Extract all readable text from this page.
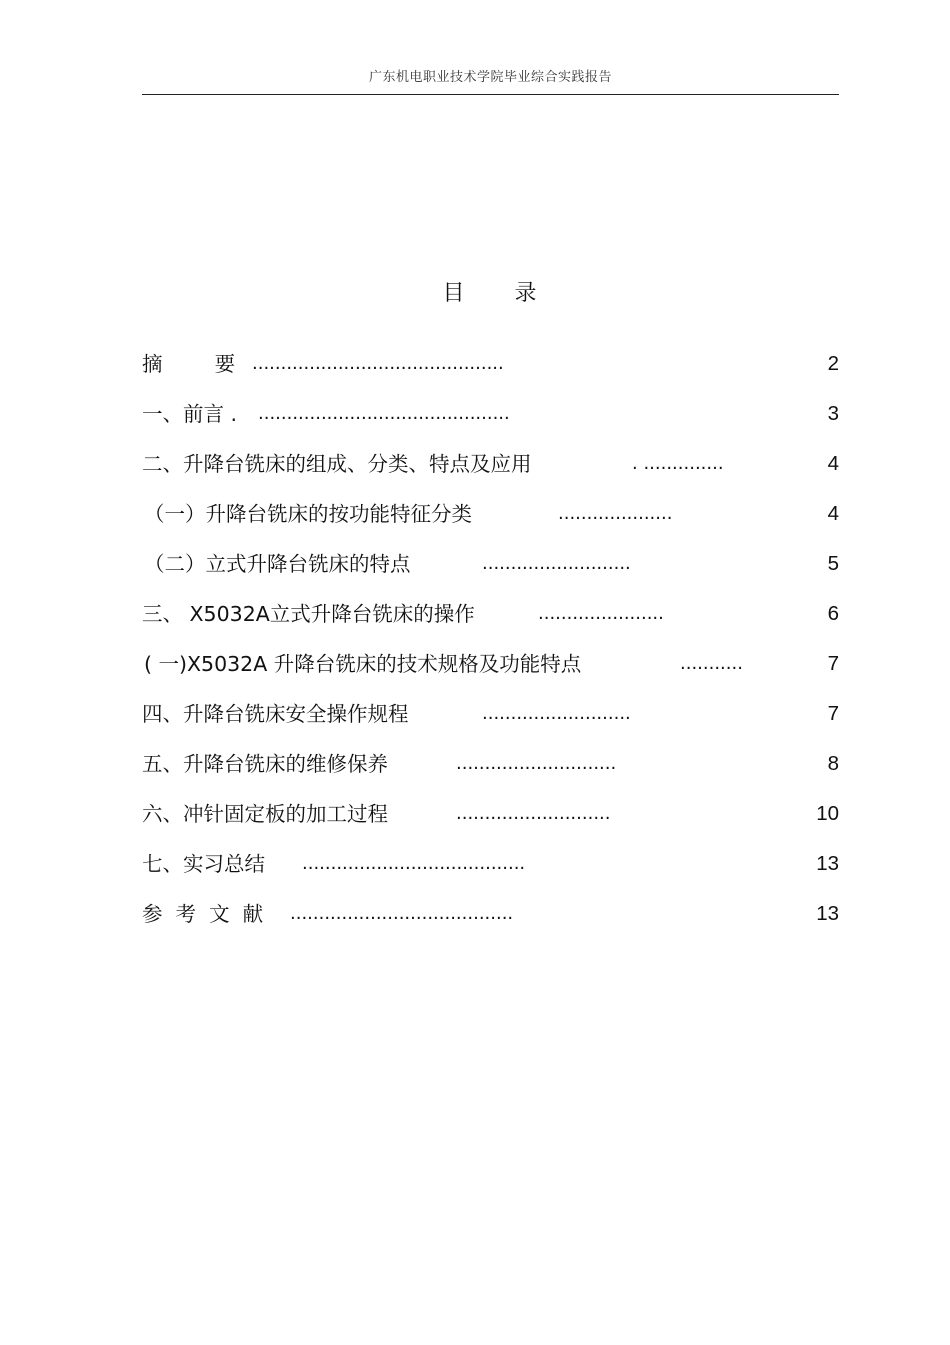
广东机电职业技术学院毕业综合实践报告
目 录
摘        要 ............................................	2
一、前言 . ............................................	3
二、升降台铣床的组成、分类、特点及应用	. ..............	4
（一）升降台铣床的按功能特征分类	....................	4
（二）立式升降台铣床的特点	..........................	5
三、 X5032A立式升降台铣床的操作	......................	6
( 一)X5032A 升降台铣床的技术规格及功能特点	...........	7
四、升降台铣床安全操作规程	..........................	7
五、升降台铣床的维修保养	............................	8
六、冲针固定板的加工过程	...........................	10
七、实习总结 .......................................	13
参  考  文  献 .......................................	13
